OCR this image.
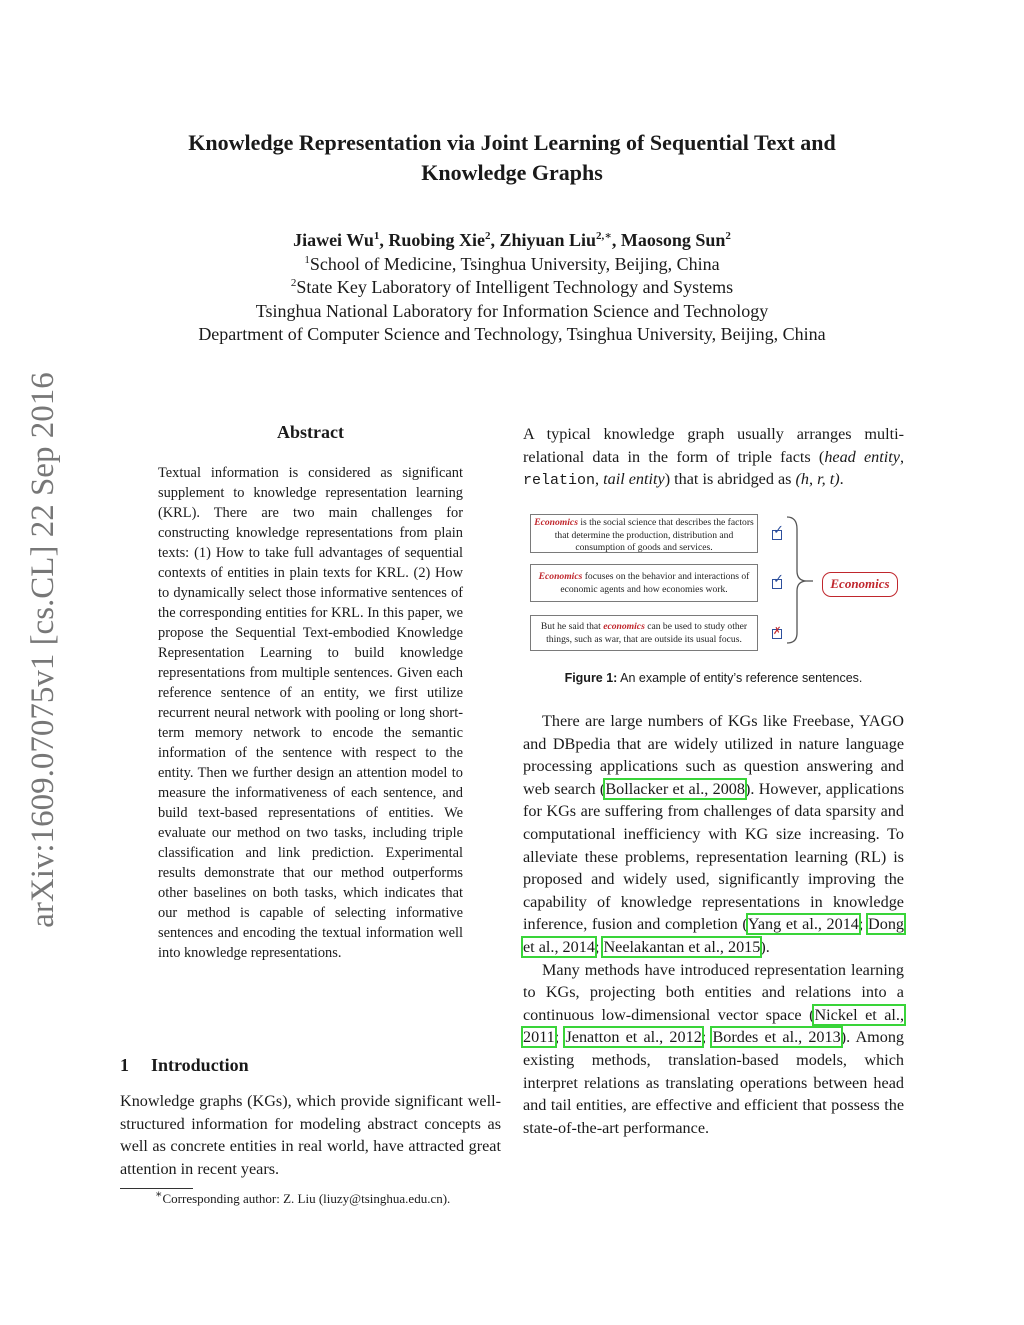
Knowledge Representation via Joint Learning of Sequential Text and
Knowledge Graphs
Jiawei Wu$^1$, Ruobing Xie$^2$, Zhiyuan Liu$^{2,∗}$, Maosong Sun$^2$
$^1$School of Medicine, Tsinghua University, Beijing, China
$^2$State Key Laboratory of Intelligent Technology and Systems
Tsinghua National Laboratory for Information Science and Technology
Department of Computer Science and Technology, Tsinghua University, Beijing, China
arXiv:1609.07075v1 [cs.CL] 22 Sep 2016	Abstract
Textual information is considered as significant supplement to knowledge representation learning (KRL). There are two main challenges for constructing knowledge representations from plain texts: (1) How to take full advantages of sequential contexts of entities in plain texts for KRL. (2) How to dynamically select those informative sentences of the corresponding entities for KRL. In this paper, we propose the Sequential Text-embodied Knowledge Representation Learning to build knowledge representations from multiple sentences. Given each reference sentence of an entity, we first utilize recurrent neural network with pooling or long short-term memory network to encode the semantic information of the sentence with respect to the entity. Then we further design an attention model to measure the informativeness of each sentence, and build text-based representations of entities. We evaluate our method on two tasks, including triple classification and link prediction. Experimental results demonstrate that our method outperforms other baselines on both tasks, which indicates that our method is capable of selecting informative sentences and encoding the textual information well into knowledge representations.
1 Introduction
Knowledge graphs (KGs), which provide significant well-structured information for modeling abstract concepts as well as concrete entities in real world, have attracted great attention in recent years.
∗Corresponding author: Z. Liu (liuzy@tsinghua.edu.cn).
A typical knowledge graph usually arranges multi-relational data in the form of triple facts (head entity, relation, tail entity) that is abridged as (h, r, t).
Economics is the social science that describes the factors that determine the production, distribution and consumption of goods and services.
Economics focuses on the behavior and interactions of economic agents and how economies work.
But he said that economics can be used to study other things, such as war, that are outside its usual focus.
✓
✓
✗
Economics
Figure 1: An example of entity’s reference sentences.

There are large numbers of KGs like Freebase, YAGO and DBpedia that are widely utilized in nature language processing applications such as question answering and web search (Bollacker et al., 2008). However, applications for KGs are suffering from challenges of data sparsity and computational inefficiency with KG size increasing. To alleviate these problems, representation learning (RL) is proposed and widely used, significantly improving the capability of knowledge representations in knowledge inference, fusion and completion (Yang et al., 2014; Dong et al., 2014; Neelakantan et al., 2015).

Many methods have introduced representation learning to KGs, projecting both entities and relations into a continuous low-dimensional vector space (Nickel et al., 2011; Jenatton et al., 2012; Bordes et al., 2013). Among existing methods, translation-based models, which interpret relations as translating operations between head and tail entities, are effective and efficient that possess the state-of-the-art performance.
